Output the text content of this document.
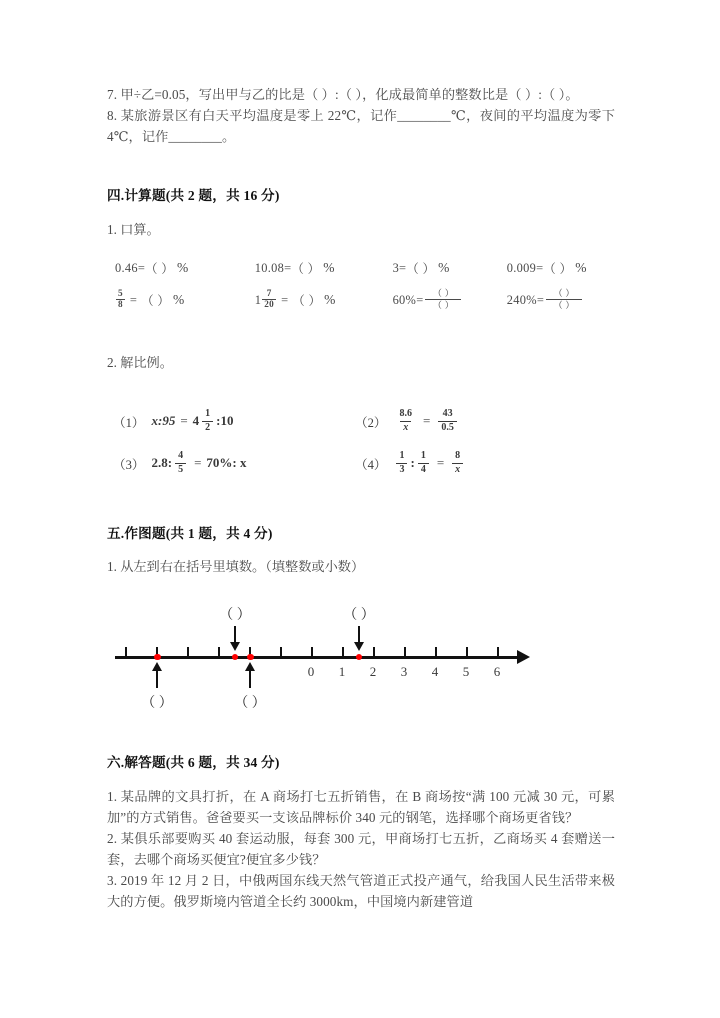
7. 甲÷乙=0.05，写出甲与乙的比是（ ）:（ ），化成最简单的整数比是（ ）:（ ）。

8. 某旅游景区有白天平均温度是零上 22℃，记作________℃，夜间的平均温度为零下 4℃，记作________。

四.计算题(共 2 题，共 16 分)

1. 口算。

0.46= （ ） %	10.08= （ ） %	3= （ ） %	0.009= （ ） %
$\frac{5}{8}$ = （ ） %	$1 \frac{7}{20}$ = （ ） %	$60\% = \frac{( )}{( )}$	$240\% = \frac{( )}{( )}$

2. 解比例。

（1） x:95 = $4 \frac{1}{2}$ :10	$(2) \frac{8.6}{x} = \frac{43}{0.5}$
（3） 2.8: $\frac{4}{5} = 70\%$: x	$(4) \frac{1}{3}$ : $\frac{1}{4} = \frac{8}{x}$

五.作图题(共 1 题，共 4 分)

1. 从左到右在括号里填数。（填整数或小数）

0 1 2 3 4 5 6
（ ）	（ ）
（ ）	（ ）

六.解答题(共 6 题，共 34 分)

1. 某品牌的文具打折，在 A 商场打七五折销售，在 B 商场按“满 100 元减 30 元，可累加”的方式销售。爸爸要买一支该品牌标价 340 元的钢笔，选择哪个商场更省钱？

2. 某俱乐部要购买 40 套运动服，每套 300 元，甲商场打七五折，乙商场买 4 套赠送一套，去哪个商场买便宜?便宜多少钱？

3. 2019 年 12 月 2 日，中俄两国东线天然气管道正式投产通气，给我国人民生活带来极大的方便。俄罗斯境内管道全长约 3000km，中国境内新建管道
